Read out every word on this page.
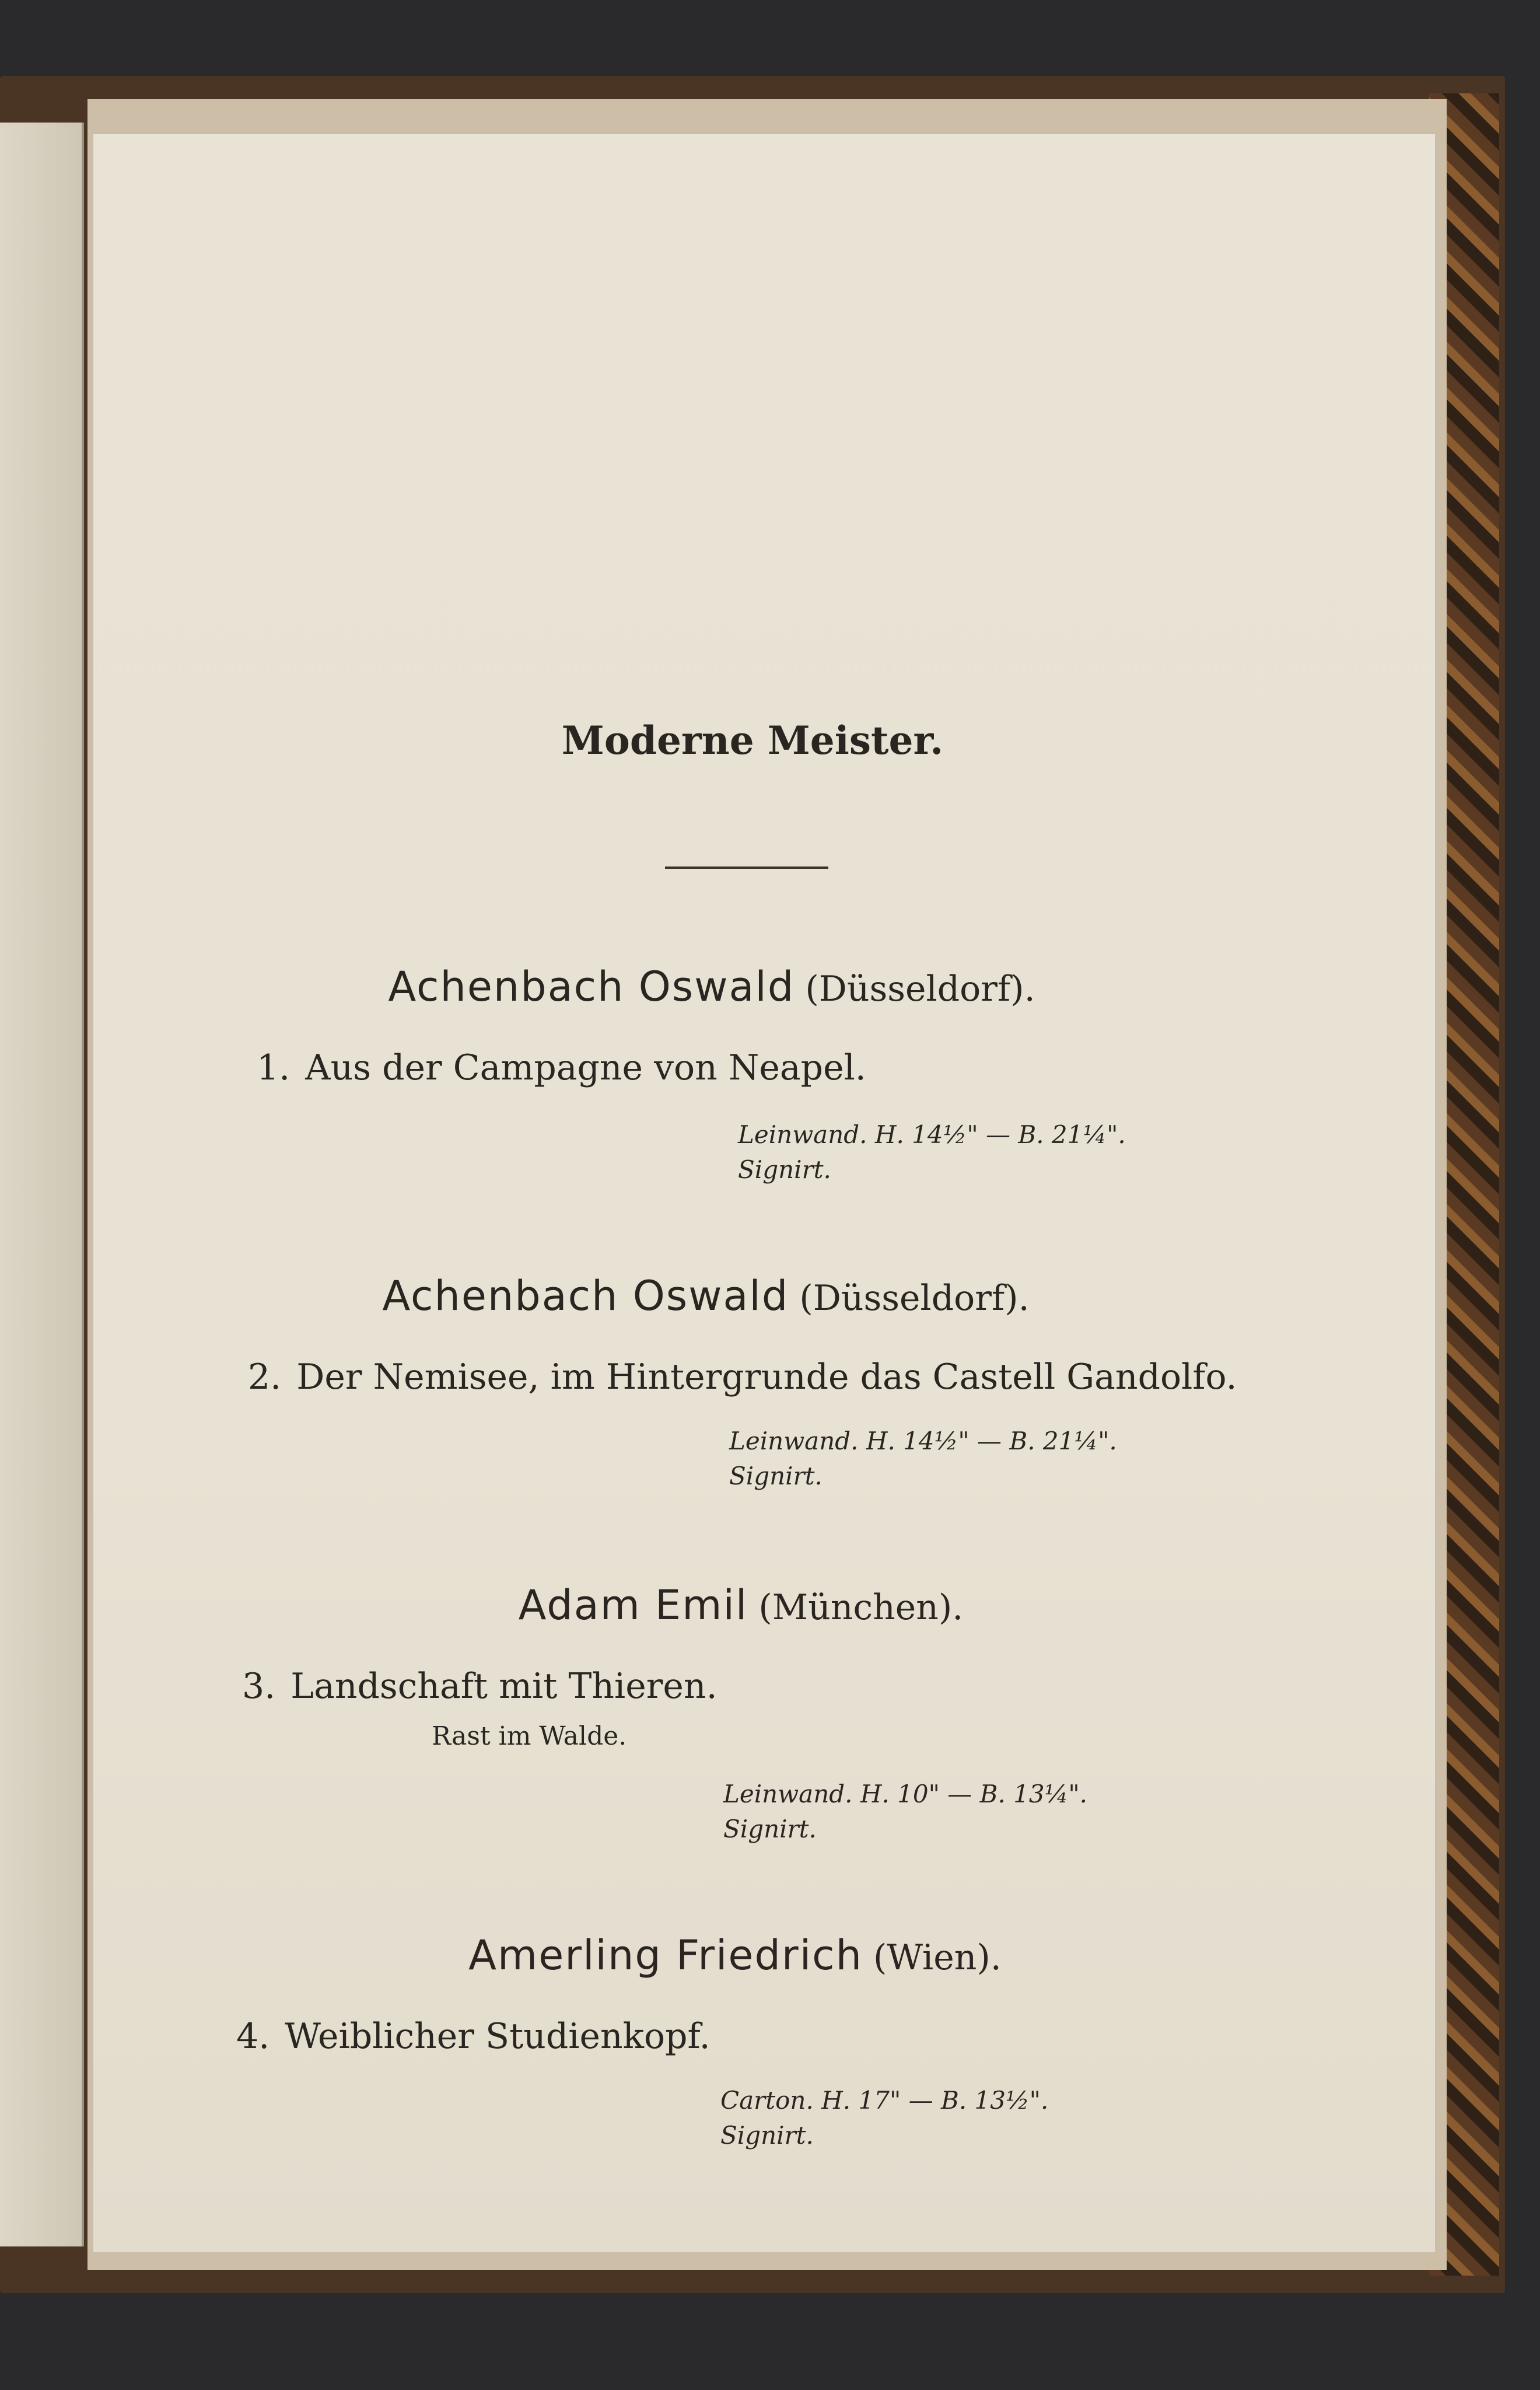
Moderne Meister.
Achenbach Oswald (Düsseldorf).
1. Aus der Campagne von Neapel.
Leinwand. H. 14½" — B. 21¼".
Signirt.
Achenbach Oswald (Düsseldorf).
2. Der Nemisee, im Hintergrunde das Castell Gandolfo.
Leinwand. H. 14½" — B. 21¼".
Signirt.
Adam Emil (München).
3. Landschaft mit Thieren.
Rast im Walde.
Leinwand. H. 10" — B. 13¼".
Signirt.
Amerling Friedrich (Wien).
4. Weiblicher Studienkopf.
Carton. H. 17" — B. 13½".
Signirt.
